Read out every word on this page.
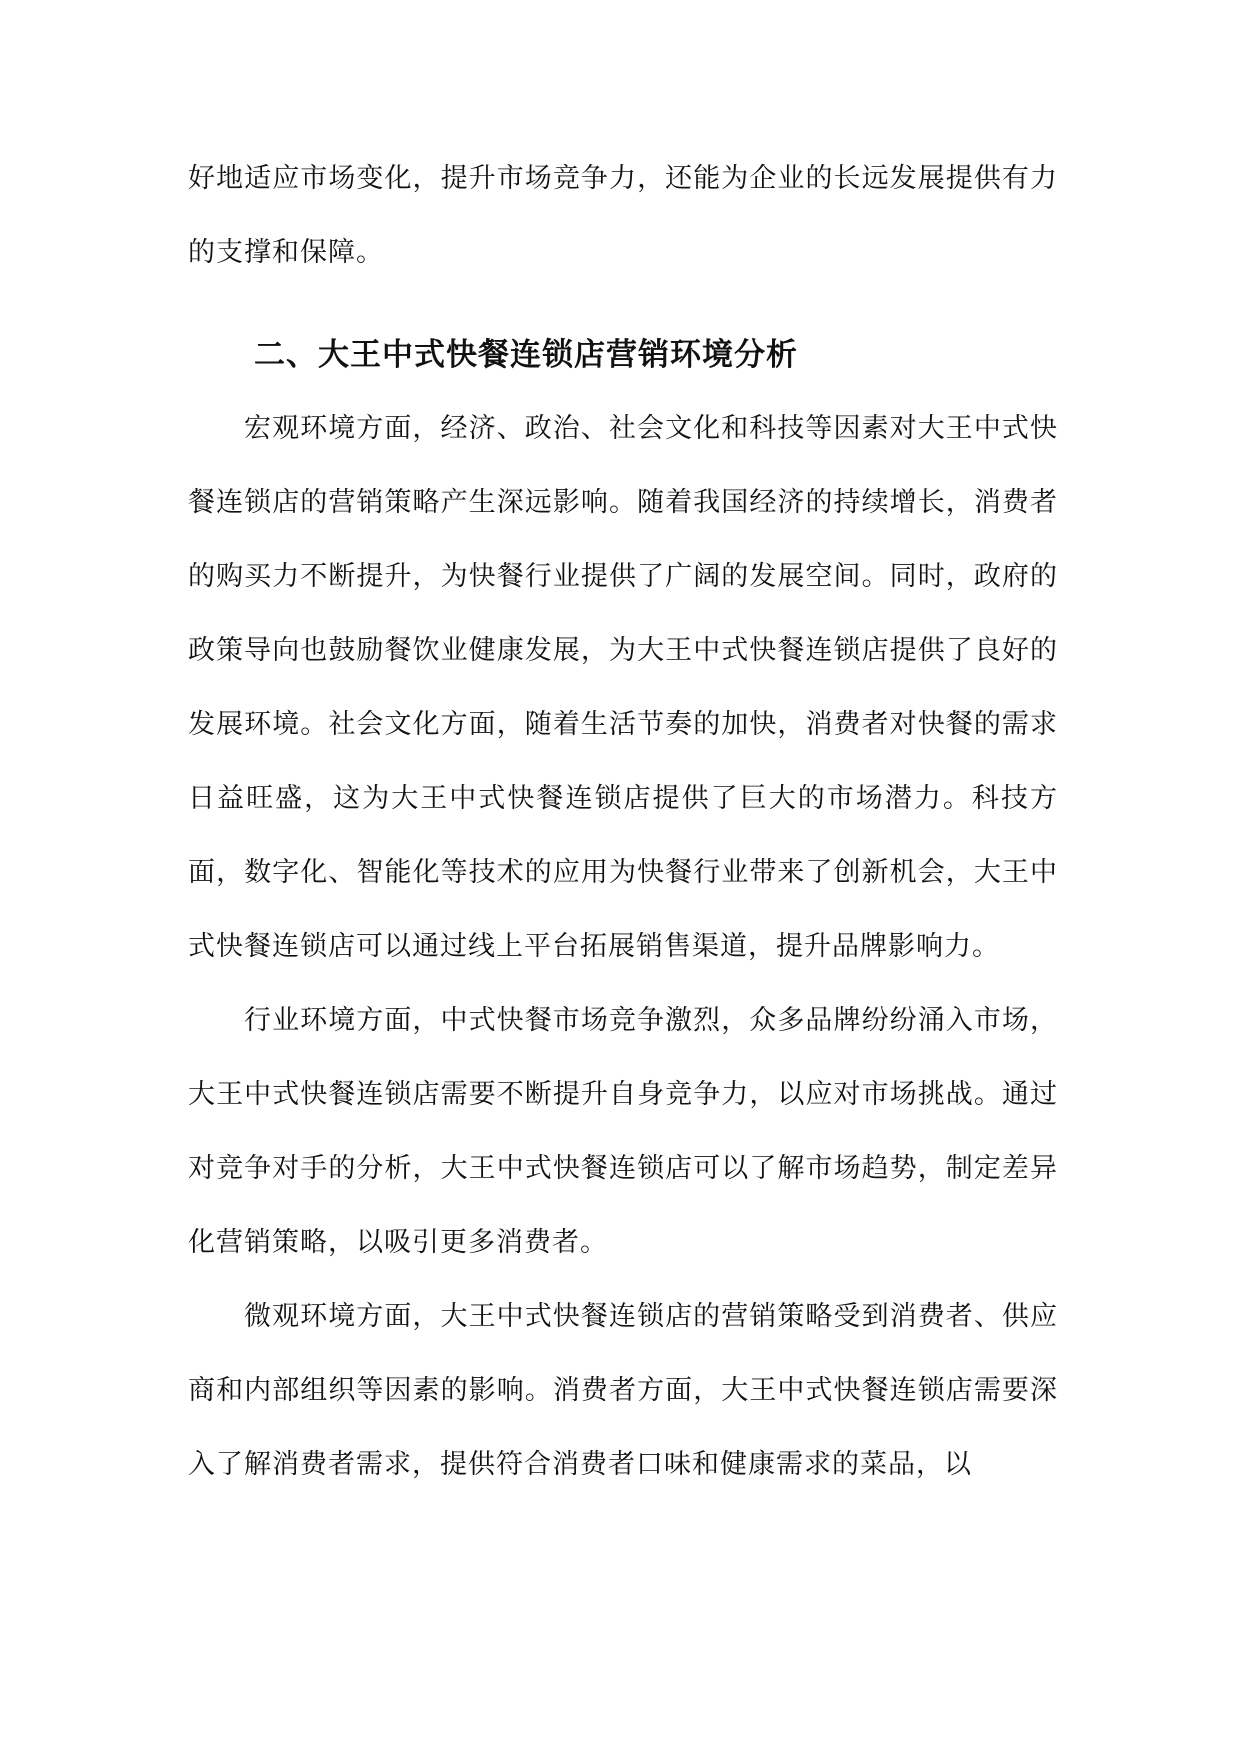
好地适应市场变化，提升市场竞争力，还能为企业的长远发展提供有力的支撑和保障。

二、大王中式快餐连锁店营销环境分析

宏观环境方面，经济、政治、社会文化和科技等因素对大王中式快餐连锁店的营销策略产生深远影响。随着我国经济的持续增长，消费者的购买力不断提升，为快餐行业提供了广阔的发展空间。同时，政府的政策导向也鼓励餐饮业健康发展，为大王中式快餐连锁店提供了良好的发展环境。社会文化方面，随着生活节奏的加快，消费者对快餐的需求日益旺盛，这为大王中式快餐连锁店提供了巨大的市场潜力。科技方面，数字化、智能化等技术的应用为快餐行业带来了创新机会，大王中式快餐连锁店可以通过线上平台拓展销售渠道，提升品牌影响力。

行业环境方面，中式快餐市场竞争激烈，众多品牌纷纷涌入市场，大王中式快餐连锁店需要不断提升自身竞争力，以应对市场挑战。通过对竞争对手的分析，大王中式快餐连锁店可以了解市场趋势，制定差异化营销策略，以吸引更多消费者。

微观环境方面，大王中式快餐连锁店的营销策略受到消费者、供应商和内部组织等因素的影响。消费者方面，大王中式快餐连锁店需要深入了解消费者需求，提供符合消费者口味和健康需求的菜品，以
